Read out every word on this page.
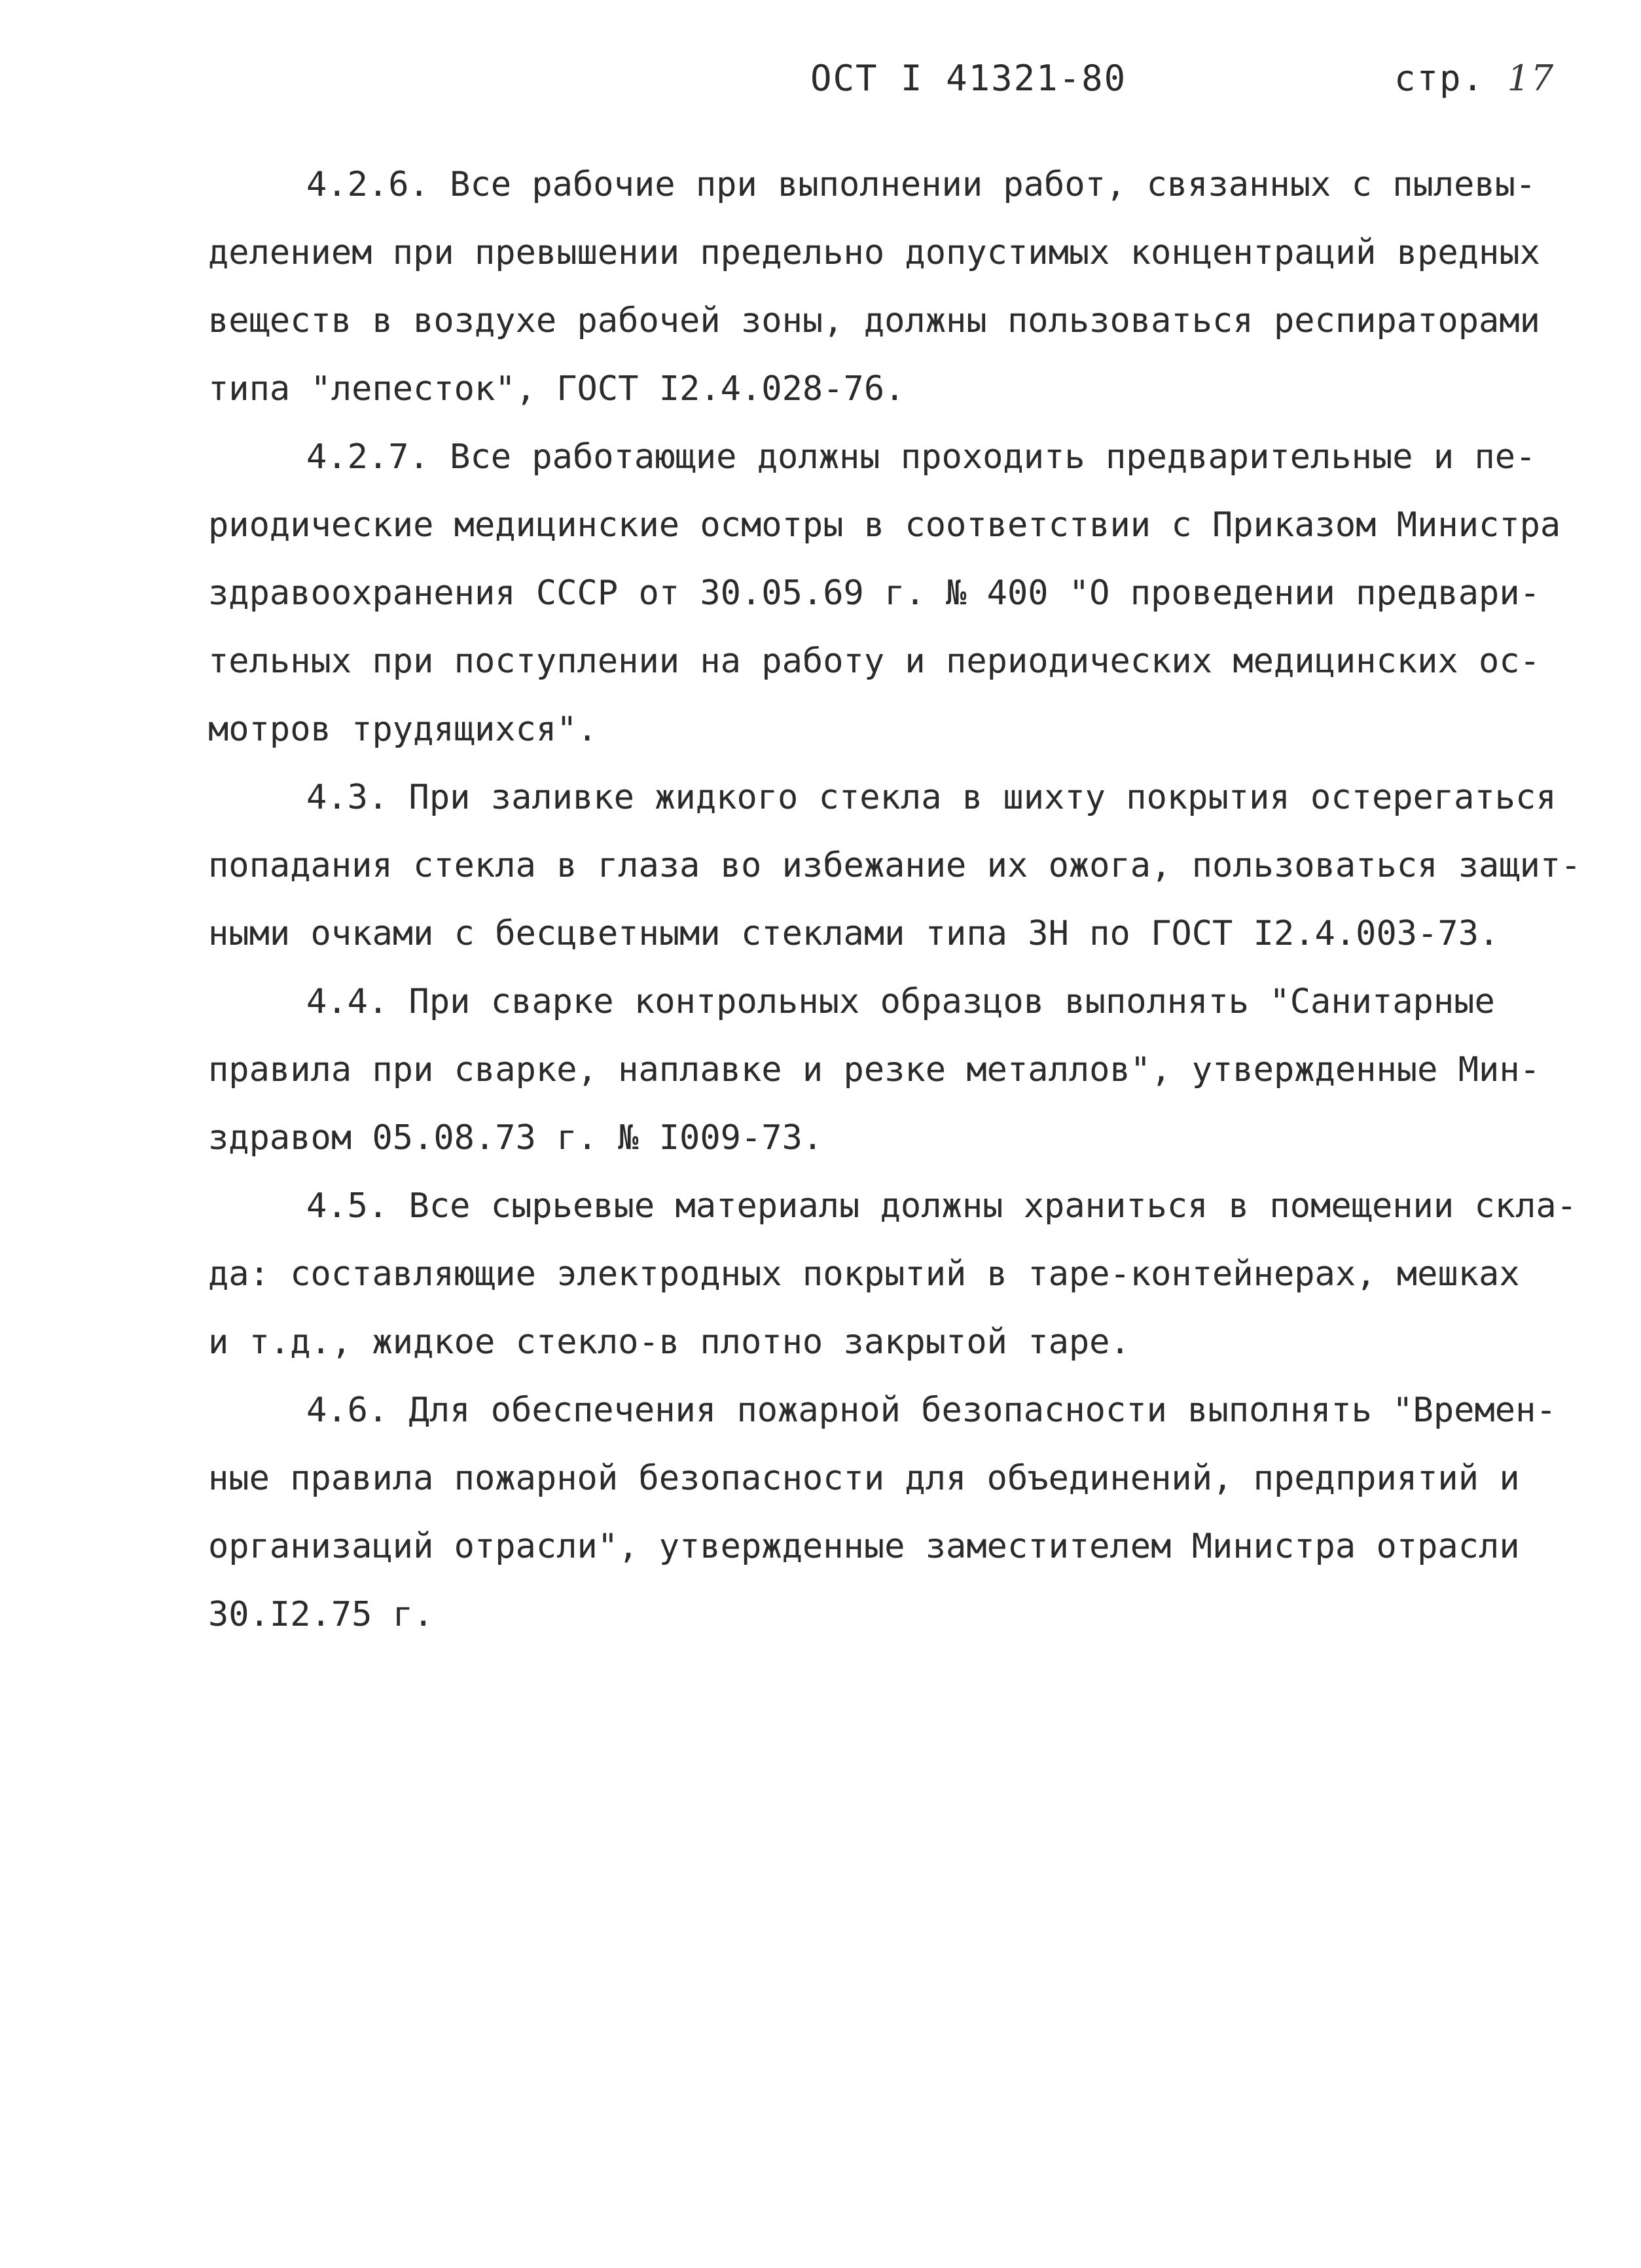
ОСТ I 41321-80	стр. 17
4.2.6. Все рабочие при выполнении работ, связанных с пылевы-
делением при превышении предельно допустимых концентраций вредных
веществ в воздухе рабочей зоны, должны пользоваться респираторами
типа "лепесток", ГОСТ I2.4.028-76.
4.2.7. Все работающие должны проходить предварительные и пе-
риодические медицинские осмотры в соответствии с Приказом Министра
здравоохранения СССР от 30.05.69 г. № 400 "О проведении предвари-
тельных при поступлении на работу и периодических медицинских ос-
мотров трудящихся".
4.3. При заливке жидкого стекла в шихту покрытия остерегаться
попадания стекла в глаза во избежание их ожога, пользоваться защит-
ными очками с бесцветными стеклами типа ЗН по ГОСТ I2.4.003-73.
4.4. При сварке контрольных образцов выполнять "Санитарные
правила при сварке, наплавке и резке металлов", утвержденные Мин-
здравом 05.08.73 г. № I009-73.
4.5. Все сырьевые материалы должны храниться в помещении скла-
да: составляющие электродных покрытий в таре-контейнерах, мешках
и т.д., жидкое стекло-в плотно закрытой таре.
4.6. Для обеспечения пожарной безопасности выполнять "Времен-
ные правила пожарной безопасности для объединений, предприятий и
организаций отрасли", утвержденные заместителем Министра отрасли
30.I2.75 г.
